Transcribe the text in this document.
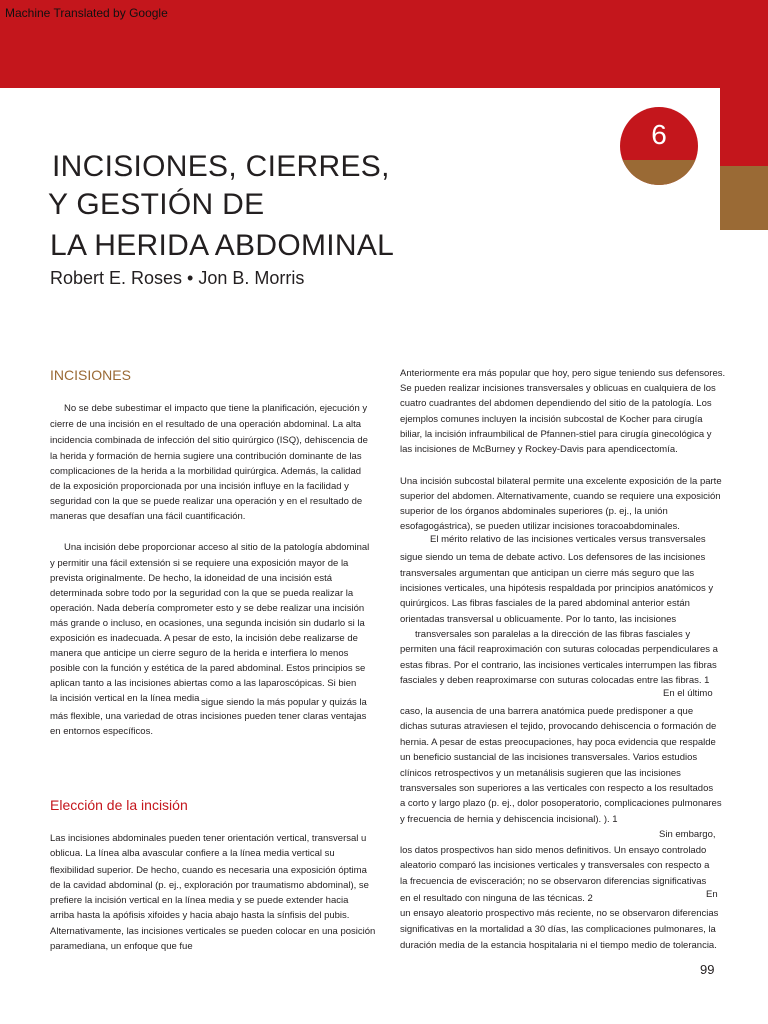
Machine Translated by Google
6
INCISIONES, CIERRES,
Y GESTIÓN DE
LA HERIDA ABDOMINAL
Robert E. Roses • Jon B. Morris
INCISIONES
Elección de la incisión
No se debe subestimar el impacto que tiene la planificación, ejecución y
cierre de una incisión en el resultado de una operación abdominal. La alta
incidencia combinada de infección del sitio quirúrgico (ISQ), dehiscencia de
la herida y formación de hernia sugiere una contribución dominante de las
complicaciones de la herida a la morbilidad quirúrgica. Además, la calidad
de la exposición proporcionada por una incisión influye en la facilidad y
seguridad con la que se puede realizar una operación y en el resultado de
maneras que desafían una fácil cuantificación.
Una incisión debe proporcionar acceso al sitio de la patología abdominal
y permitir una fácil extensión si se requiere una exposición mayor de la
prevista originalmente. De hecho, la idoneidad de una incisión está
determinada sobre todo por la seguridad con la que se pueda realizar la
operación. Nada debería comprometer esto y se debe realizar una incisión
más grande o incluso, en ocasiones, una segunda incisión sin dudarlo si la
exposición es inadecuada. A pesar de esto, la incisión debe realizarse de
manera que anticipe un cierre seguro de la herida e interfiera lo menos
posible con la función y estética de la pared abdominal. Estos principios se
aplican tanto a las incisiones abiertas como a las laparoscópicas. Si bien
la incisión vertical en la línea media sigue siendo la más popular y quizás la
más flexible, una variedad de otras incisiones pueden tener claras ventajas
en entornos específicos.
Las incisiones abdominales pueden tener orientación vertical, transversal u
oblicua. La línea alba avascular confiere a la línea media vertical su
flexibilidad superior. De hecho, cuando es necesaria una exposición óptima
de la cavidad abdominal (p. ej., exploración por traumatismo abdominal), se
prefiere la incisión vertical en la línea media y se puede extender hacia
arriba hasta la apófisis xifoides y hacia abajo hasta la sínfisis del pubis.
Alternativamente, las incisiones verticales se pueden colocar en una posición
paramediana, un enfoque que fue
Anteriormente era más popular que hoy, pero sigue teniendo sus defensores.
Se pueden realizar incisiones transversales y oblicuas en cualquiera de los
cuatro cuadrantes del abdomen dependiendo del sitio de la patología. Los
ejemplos comunes incluyen la incisión subcostal de Kocher para cirugía
biliar, la incisión infraumbilical de Pfannen-stiel para cirugía ginecológica y
las incisiones de McBurney y Rockey-Davis para apendicectomía.
Una incisión subcostal bilateral permite una excelente exposición de la parte
superior del abdomen. Alternativamente, cuando se requiere una exposición
superior de los órganos abdominales superiores (p. ej., la unión
esofagogástrica), se pueden utilizar incisiones toracoabdominales.
El mérito relativo de las incisiones verticales versus transversales
sigue siendo un tema de debate activo. Los defensores de las incisiones
transversales argumentan que anticipan un cierre más seguro que las
incisiones verticales, una hipótesis respaldada por principios anatómicos y
quirúrgicos. Las fibras fasciales de la pared abdominal anterior están
orientadas transversal u oblicuamente. Por lo tanto, las incisiones
transversales son paralelas a la dirección de las fibras fasciales y
permiten una fácil reaproximación con suturas colocadas perpendiculares a
estas fibras. Por el contrario, las incisiones verticales interrumpen las fibras
fasciales y deben reaproximarse con suturas colocadas entre las fibras. 1
En el último
caso, la ausencia de una barrera anatómica puede predisponer a que
dichas suturas atraviesen el tejido, provocando dehiscencia o formación de
hernia. A pesar de estas preocupaciones, hay poca evidencia que respalde
un beneficio sustancial de las incisiones transversales. Varios estudios
clínicos retrospectivos y un metanálisis sugieren que las incisiones
transversales son superiores a las verticales con respecto a los resultados
a corto y largo plazo (p. ej., dolor posoperatorio, complicaciones pulmonares
y frecuencia de hernia y dehiscencia incisional). ). 1
Sin embargo,
los datos prospectivos han sido menos definitivos. Un ensayo controlado
aleatorio comparó las incisiones verticales y transversales con respecto a
la frecuencia de evisceración; no se observaron diferencias significativas
en el resultado con ninguna de las técnicas. 2	En
un ensayo aleatorio prospectivo más reciente, no se observaron diferencias
significativas en la mortalidad a 30 días, las complicaciones pulmonares, la
duración media de la estancia hospitalaria ni el tiempo medio de tolerancia.
99
